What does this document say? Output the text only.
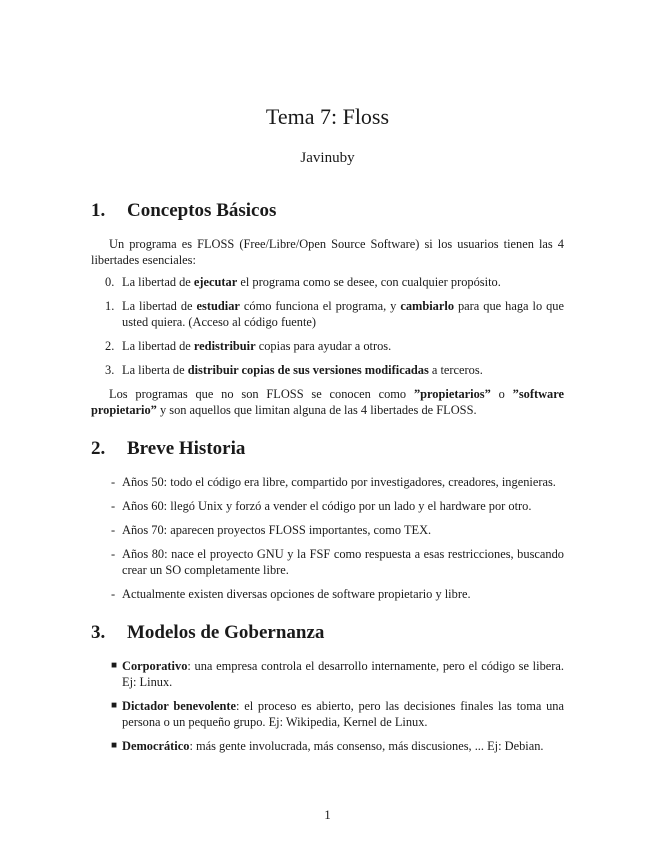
Tema 7: Floss
Javinuby
1. Conceptos Básicos

Un programa es FLOSS (Free/Libre/Open Source Software) si los usuarios tienen las 4 libertades esenciales:

0. La libertad de ejecutar el programa como se desee, con cualquier propósito.
1. La libertad de estudiar cómo funciona el programa, y cambiarlo para que haga lo que usted quiera. (Acceso al código fuente)
2. La libertad de redistribuir copias para ayudar a otros.
3. La liberta de distribuir copias de sus versiones modificadas a terceros.

Los programas que no son FLOSS se conocen como ”propietarios” o ”software propietario” y son aquellos que limitan alguna de las 4 libertades de FLOSS.

2. Breve Historia
- Años 50: todo el código era libre, compartido por investigadores, creadores, ingenieras.
- Años 60: llegó Unix y forzó a vender el código por un lado y el hardware por otro.
- Años 70: aparecen proyectos FLOSS importantes, como TEX.
- Años 80: nace el proyecto GNU y la FSF como respuesta a esas restricciones, buscando crear un SO completamente libre.
- Actualmente existen diversas opciones de software propietario y libre.
3. Modelos de Gobernanza
■ Corporativo: una empresa controla el desarrollo internamente, pero el código se libera. Ej: Linux.
■ Dictador benevolente: el proceso es abierto, pero las decisiones finales las toma una persona o un pequeño grupo. Ej: Wikipedia, Kernel de Linux.
■ Democrático: más gente involucrada, más consenso, más discusiones, ... Ej: Debian.
1
